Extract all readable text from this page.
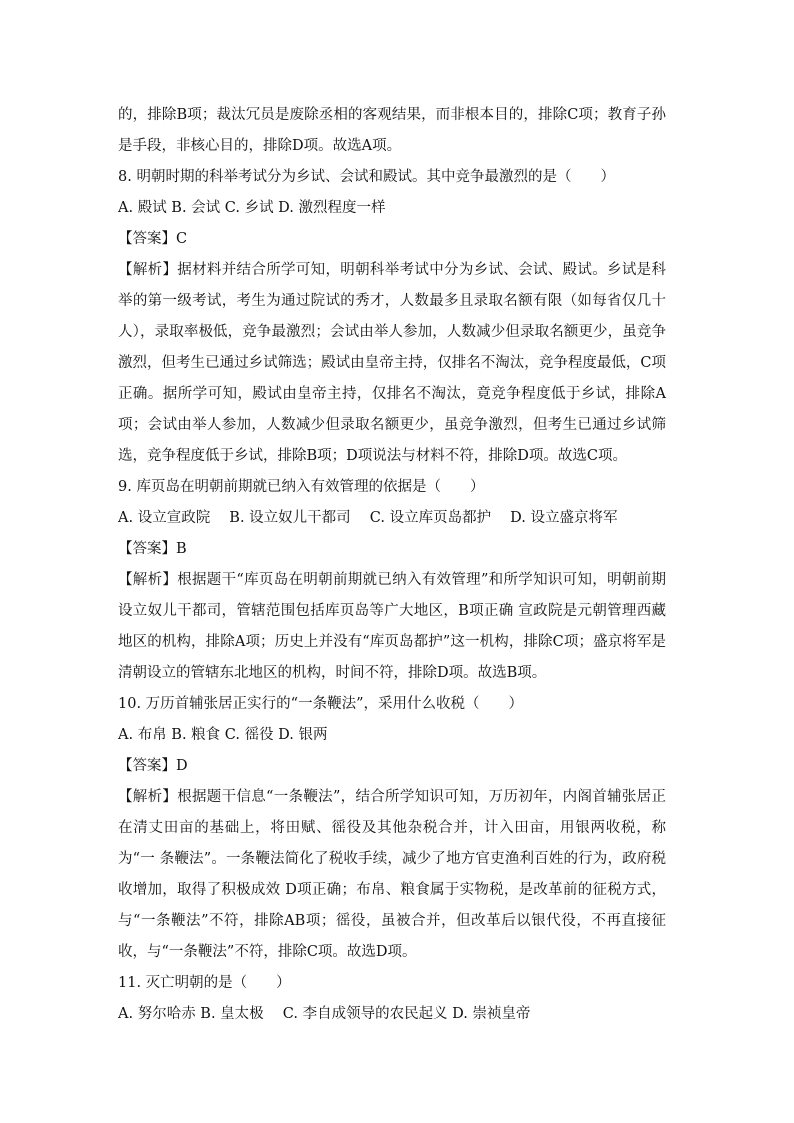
的，排除B项；裁汰冗员是废除丞相的客观结果，而非根本目的，排除C项；教育子孙是手段，非核心目的，排除D项。故选A项。
8. 明朝时期的科举考试分为乡试、会试和殿试。其中竞争最激烈的是（　　）
A. 殿试 B. 会试 C. 乡试 D. 激烈程度一样
【答案】C
【解析】据材料并结合所学可知，明朝科举考试中分为乡试、会试、殿试。乡试是科举的第一级考试，考生为通过院试的秀才，人数最多且录取名额有限（如每省仅几十人），录取率极低，竞争最激烈；会试由举人参加，人数减少但录取名额更少，虽竞争激烈，但考生已通过乡试筛选；殿试由皇帝主持，仅排名不淘汰，竞争程度最低，C项正确。据所学可知，殿试由皇帝主持，仅排名不淘汰，竟竞争程度低于乡试，排除A项；会试由举人参加，人数减少但录取名额更少，虽竞争激烈，但考生已通过乡试筛选，竞争程度低于乡试，排除B项；D项说法与材料不符，排除D项。故选C项。
9. 库页岛在明朝前期就已纳入有效管理的依据是（　　）
A. 设立宣政院　 B. 设立奴儿干都司　 C. 设立库页岛都护　 D. 设立盛京将军
【答案】B
【解析】根据题干“库页岛在明朝前期就已纳入有效管理”和所学知识可知，明朝前期设立奴儿干都司，管辖范围包括库页岛等广大地区，B项正确 宣政院是元朝管理西藏地区的机构，排除A项；历史上并没有“库页岛都护”这一机构，排除C项；盛京将军是清朝设立的管辖东北地区的机构，时间不符，排除D项。故选B项。
10. 万历首辅张居正实行的“一条鞭法”，采用什么收税（　　）
A. 布帛 B. 粮食 C. 徭役 D. 银两
【答案】D
【解析】根据题干信息“一条鞭法”，结合所学知识可知，万历初年，内阁首辅张居正在清丈田亩的基础上，将田赋、徭役及其他杂税合并，计入田亩，用银两收税，称为“一 条鞭法”。一条鞭法简化了税收手续，减少了地方官吏渔利百姓的行为，政府税收增加，取得了积极成效 D项正确；布帛、粮食属于实物税，是改革前的征税方式，与“一条鞭法”不符，排除AB项；徭役，虽被合并，但改革后以银代役，不再直接征收，与“一条鞭法”不符，排除C项。故选D项。
11. 灭亡明朝的是（　　）
A. 努尔哈赤 B. 皇太极　 C. 李自成领导的农民起义 D. 崇祯皇帝
